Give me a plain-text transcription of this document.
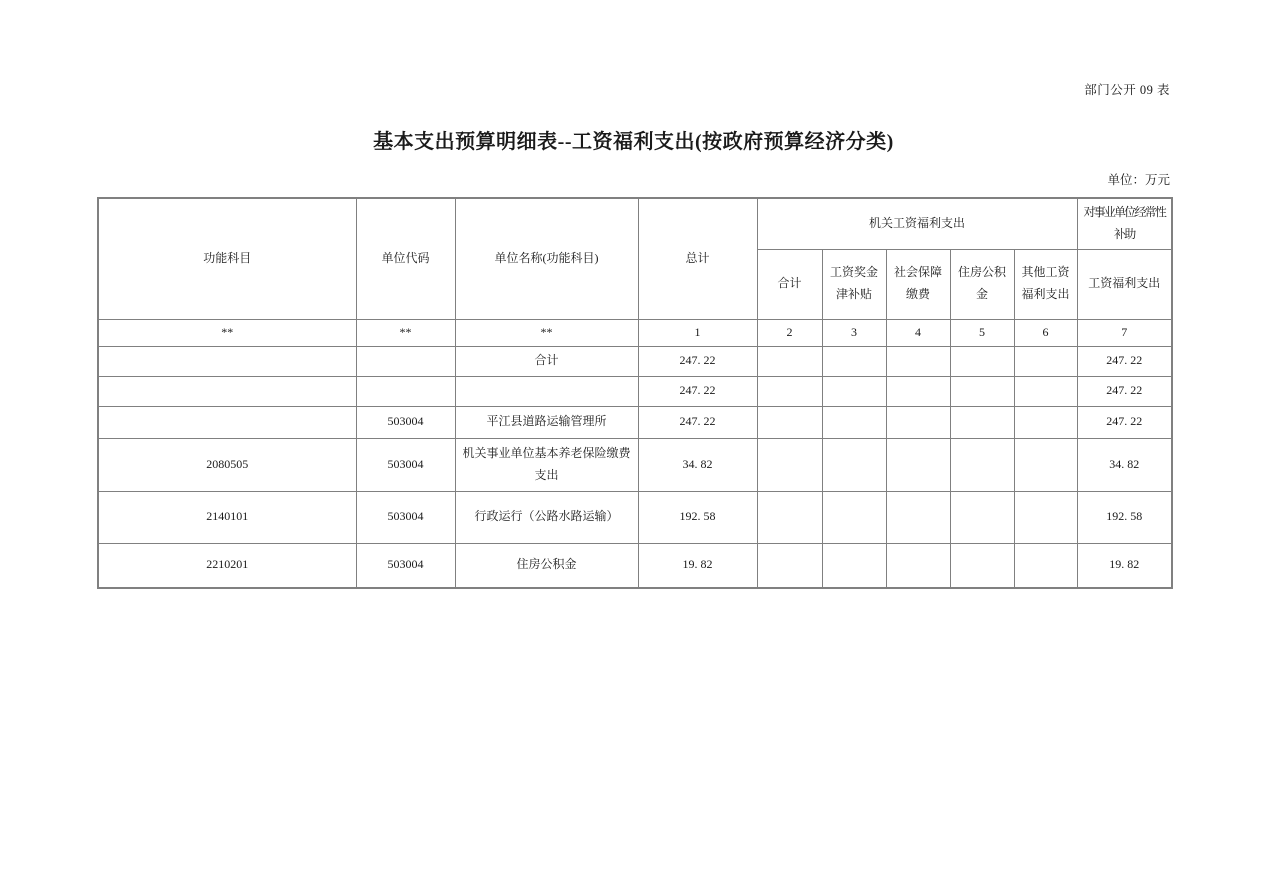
部门公开 09 表
基本支出预算明细表--工资福利支出(按政府预算经济分类)
单位：万元
功能科目	单位代码	单位名称(功能科目)	总计	机关工资福利支出					对事业单位经常性补助
				合计	工资奖金津补贴	社会保障缴费	住房公积金	其他工资福利支出	工资福利支出
**	**	**	1	2	3	4	5	6	7
		合计	247. 22						247. 22
			247. 22						247. 22
	503004	平江县道路运输管理所	247. 22						247. 22
2080505	503004	机关事业单位基本养老保险缴费支出	34. 82						34. 82
2140101	503004	行政运行（公路水路运输）	192. 58						192. 58
2210201	503004	住房公积金	19. 82						19. 82
